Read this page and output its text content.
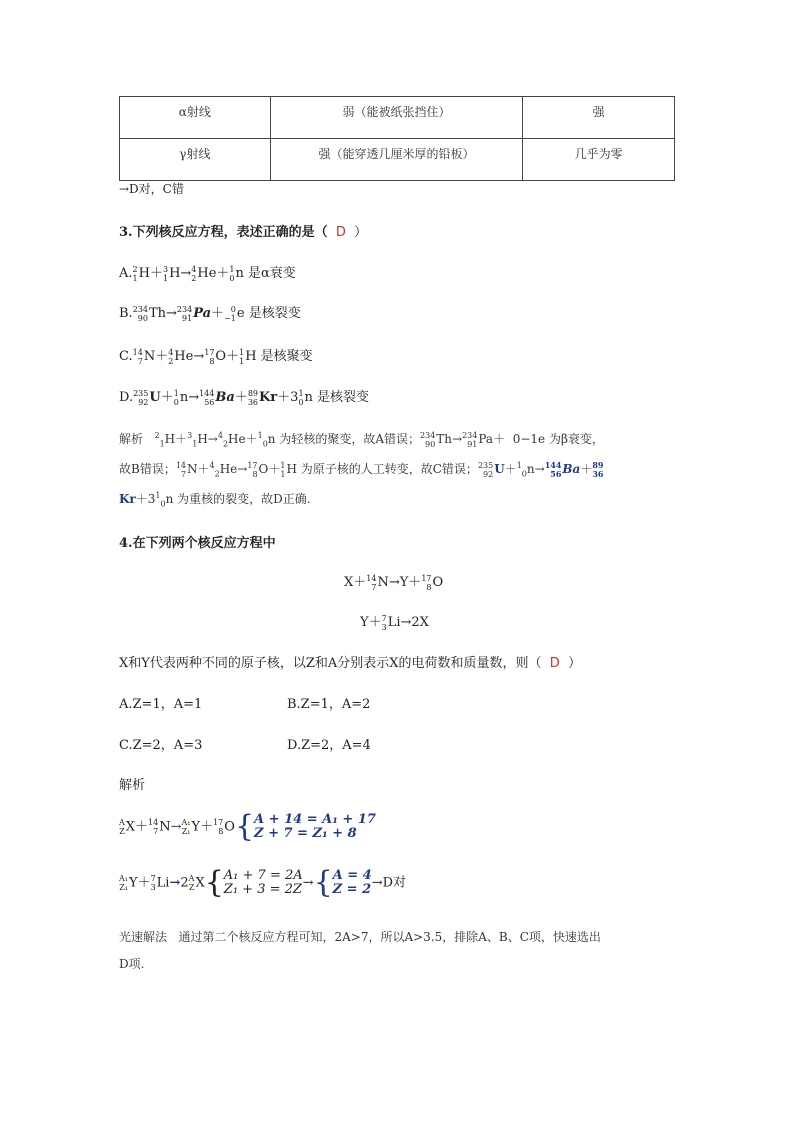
α射线	弱（能被纸张挡住）	强
γ射线	强（能穿透几厘米厚的铅板）	几乎为零
→D对，C错
3.下列核反应方程，表述正确的是（ D ）
A. 2
1 H＋ 3
1 H→ 4
2 He＋ 1
0 n 是α衰变
B. 234
90 Th→ 234
91 Pa＋ 0
−1 e 是核裂变
C. 14
7 N＋ 4
2 He→ 17
8 O＋ 1
1 H 是核聚变
D. 235
92 U＋ 1
0 n→ 144
56 Ba＋ 89
36 Kr＋3 1
0 n 是核裂变
解析 $^2_1$H＋$^3_1$H→$^4_2$He＋$^1_0$n 为轻核的聚变，故A错误； 234
90 Th→ 234
91 Pa＋  0−1e 为β衰变，
故B错误； 14
7 N＋$^4_2$He→ 17
8 O＋ 1
1 H 为原子核的人工转变，故C错误； 235
92 U＋$^1_0$n→ 144
56 Ba＋ 89
36
$Kr+3^1_0n$ 为重核的裂变，故D正确.
4.在下列两个核反应方程中
X＋ 14
7 N→Y＋ 17
8 O
Y＋ 7
3 Li→2X
X和Y代表两种不同的原子核，以Z和A分别表示X的电荷数和质量数，则（ D ）
A.Z=1，A=1	B.Z=1，A=2
C.Z=2，A=3	D.Z=2，A=4
解析
A
Z X＋ 14
7 N→ A₁
Z₁ Y＋ 17
8 O{A + 14 = A₁ + 17
Z + 7 = Z₁ + 8
A₁
Z₁ Y＋ 7
3 Li→2 A
Z X{A₁ + 7 = 2A
Z₁ + 3 = 2Z→{A = 4
Z = 2→D对
光速解法 通过第二个核反应方程可知，2A>7，所以A>3.5，排除A、B、C项，快速选出
D项.
